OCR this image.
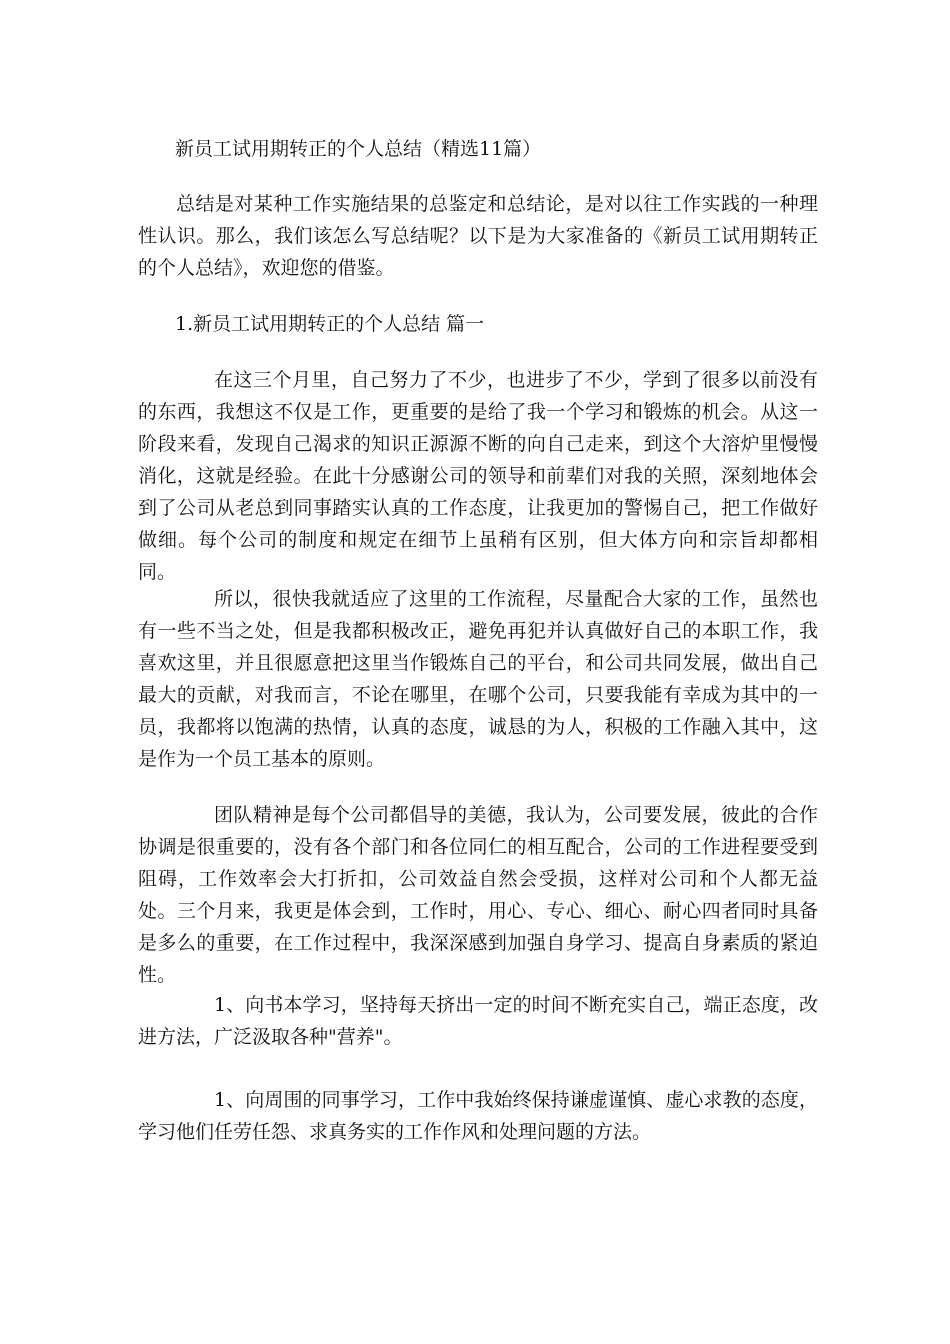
新员工试用期转正的个人总结（精选11篇）

总结是对某种工作实施结果的总鉴定和总结论，是对以往工作实践的一种理性认识。那么，我们该怎么写总结呢？以下是为大家准备的《新员工试用期转正的个人总结》，欢迎您的借鉴。

1.新员工试用期转正的个人总结 篇一

在这三个月里，自己努力了不少，也进步了不少，学到了很多以前没有的东西，我想这不仅是工作，更重要的是给了我一个学习和锻炼的机会。从这一阶段来看，发现自己渴求的知识正源源不断的向自己走来，到这个大溶炉里慢慢消化，这就是经验。在此十分感谢公司的领导和前辈们对我的关照，深刻地体会到了公司从老总到同事踏实认真的工作态度，让我更加的警惕自己，把工作做好做细。每个公司的制度和规定在细节上虽稍有区别，但大体方向和宗旨却都相同。

所以，很快我就适应了这里的工作流程，尽量配合大家的工作，虽然也有一些不当之处，但是我都积极改正，避免再犯并认真做好自己的本职工作，我喜欢这里，并且很愿意把这里当作锻炼自己的平台，和公司共同发展，做出自己最大的贡献，对我而言，不论在哪里，在哪个公司，只要我能有幸成为其中的一员，我都将以饱满的热情，认真的态度，诚恳的为人，积极的工作融入其中，这是作为一个员工基本的原则。

团队精神是每个公司都倡导的美德，我认为，公司要发展，彼此的合作协调是很重要的，没有各个部门和各位同仁的相互配合，公司的工作进程要受到阻碍，工作效率会大打折扣，公司效益自然会受损，这样对公司和个人都无益处。三个月来，我更是体会到，工作时，用心、专心、细心、耐心四者同时具备是多么的重要，在工作过程中，我深深感到加强自身学习、提高自身素质的紧迫性。

1、向书本学习，坚持每天挤出一定的时间不断充实自己，端正态度，改进方法，广泛汲取各种"营养"。

1、向周围的同事学习，工作中我始终保持谦虚谨慎、虚心求教的态度，学习他们任劳任怨、求真务实的工作作风和处理问题的方法。
